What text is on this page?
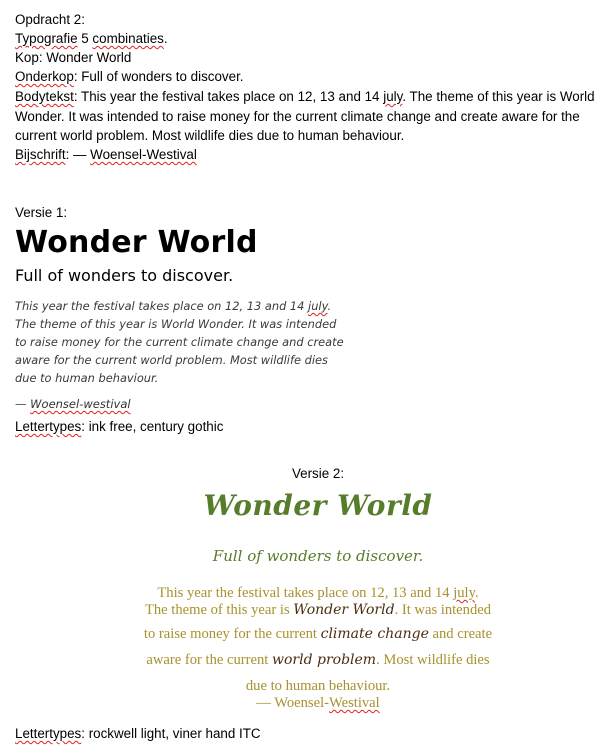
Opdracht 2:
Typografie 5 combinaties.
Kop: Wonder World
Onderkop: Full of wonders to discover.
Bodytekst: This year the festival takes place on 12, 13 and 14 july. The theme of this year is World Wonder. It was intended to raise money for the current climate change and create aware for the current world problem. Most wildlife dies due to human behaviour.
Bijschrift: — Woensel-Westival
Versie 1:
Wonder World
Full of wonders to discover.
This year the festival takes place on 12, 13 and 14 july.
The theme of this year is World Wonder. It was intended
to raise money for the current climate change and create
aware for the current world problem. Most wildlife dies
due to human behaviour.
— Woensel-westival
Lettertypes: ink free, century gothic
Versie 2:
Wonder World
Full of wonders to discover.
This year the festival takes place on 12, 13 and 14 july.
The theme of this year is Wonder World. It was intended
to raise money for the current climate change and create
aware for the current world problem. Most wildlife dies
due to human behaviour.
— Woensel-Westival
Lettertypes: rockwell light, viner hand ITC
